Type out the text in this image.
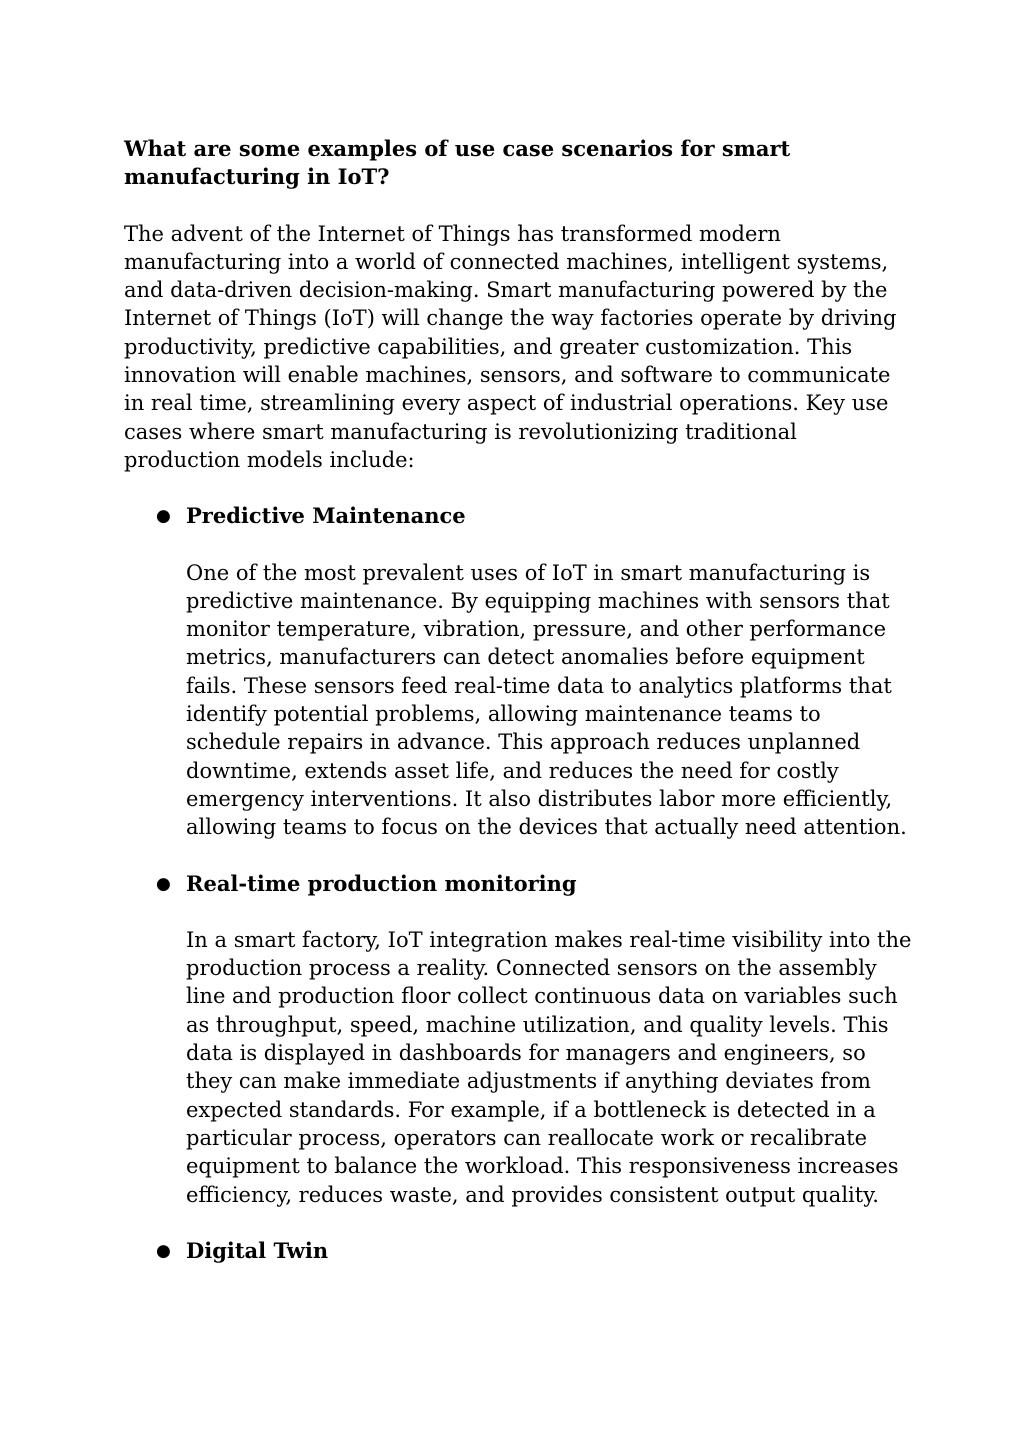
What are some examples of use case scenarios for smart manufacturing in IoT?

The advent of the Internet of Things has transformed modern manufacturing into a world of connected machines, intelligent systems, and data-driven decision-making. Smart manufacturing powered by the Internet of Things (IoT) will change the way factories operate by driving productivity, predictive capabilities, and greater customization. This innovation will enable machines, sensors, and software to communicate in real time, streamlining every aspect of industrial operations. Key use cases where smart manufacturing is revolutionizing traditional production models include:

● Predictive Maintenance

One of the most prevalent uses of IoT in smart manufacturing is predictive maintenance. By equipping machines with sensors that monitor temperature, vibration, pressure, and other performance metrics, manufacturers can detect anomalies before equipment fails. These sensors feed real-time data to analytics platforms that identify potential problems, allowing maintenance teams to schedule repairs in advance. This approach reduces unplanned downtime, extends asset life, and reduces the need for costly emergency interventions. It also distributes labor more efficiently, allowing teams to focus on the devices that actually need attention.

● Real-time production monitoring

In a smart factory, IoT integration makes real-time visibility into the production process a reality. Connected sensors on the assembly line and production floor collect continuous data on variables such as throughput, speed, machine utilization, and quality levels. This data is displayed in dashboards for managers and engineers, so they can make immediate adjustments if anything deviates from expected standards. For example, if a bottleneck is detected in a particular process, operators can reallocate work or recalibrate equipment to balance the workload. This responsiveness increases efficiency, reduces waste, and provides consistent output quality.

● Digital Twin
